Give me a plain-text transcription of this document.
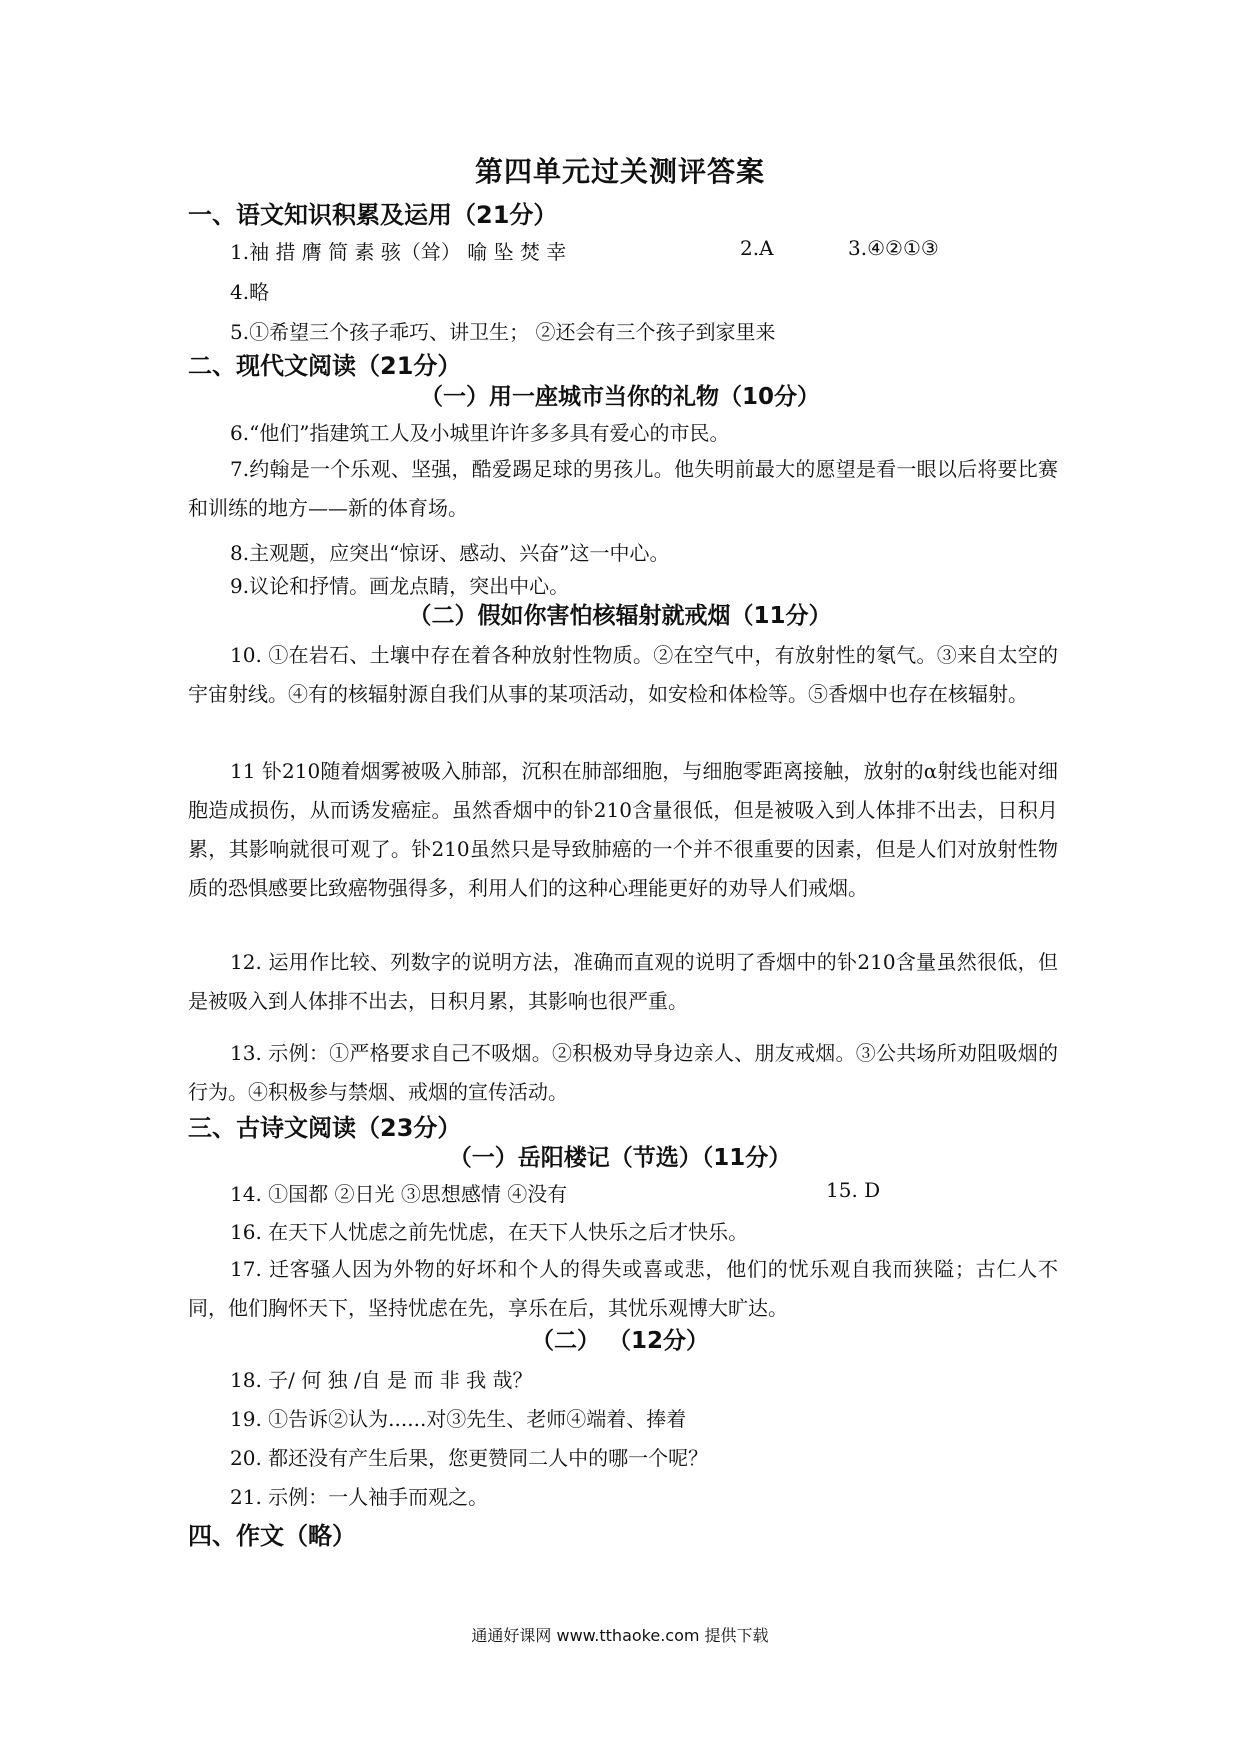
第四单元过关测评答案
一、语文知识积累及运用（21分）
1.袖 措 膺 简 素 骇（耸） 喻 坠 焚 幸	2.A	3.④②①③
4.略
5.①希望三个孩子乖巧、讲卫生； ②还会有三个孩子到家里来
二、现代文阅读（21分）
（一）用一座城市当你的礼物（10分）
6.“他们”指建筑工人及小城里许许多多具有爱心的市民。
7.约翰是一个乐观、坚强，酷爱踢足球的男孩儿。他失明前最大的愿望是看一眼以后将要比赛和训练的地方——新的体育场。
8.主观题，应突出“惊讶、感动、兴奋”这一中心。
9.议论和抒情。画龙点睛，突出中心。
（二）假如你害怕核辐射就戒烟（11分）
10. ①在岩石、土壤中存在着各种放射性物质。②在空气中，有放射性的氡气。③来自太空的宇宙射线。④有的核辐射源自我们从事的某项活动，如安检和体检等。⑤香烟中也存在核辐射。
11 钋210随着烟雾被吸入肺部，沉积在肺部细胞，与细胞零距离接触，放射的α射线也能对细胞造成损伤，从而诱发癌症。虽然香烟中的钋210含量很低，但是被吸入到人体排不出去，日积月累，其影响就很可观了。钋210虽然只是导致肺癌的一个并不很重要的因素，但是人们对放射性物质的恐惧感要比致癌物强得多，利用人们的这种心理能更好的劝导人们戒烟。
12. 运用作比较、列数字的说明方法，准确而直观的说明了香烟中的钋210含量虽然很低，但是被吸入到人体排不出去，日积月累，其影响也很严重。
13. 示例：①严格要求自己不吸烟。②积极劝导身边亲人、朋友戒烟。③公共场所劝阻吸烟的行为。④积极参与禁烟、戒烟的宣传活动。
三、古诗文阅读（23分）
（一）岳阳楼记（节选）（11分）
14. ①国都 ②日光 ③思想感情 ④没有	15. D
16. 在天下人忧虑之前先忧虑，在天下人快乐之后才快乐。
17. 迁客骚人因为外物的好坏和个人的得失或喜或悲，他们的忧乐观自我而狭隘；古仁人不同，他们胸怀天下，坚持忧虑在先，享乐在后，其忧乐观博大旷达。
（二） （12分）
18. 子/ 何 独 /自 是 而 非 我 哉？
19. ①告诉②认为......对③先生、老师④端着、捧着
20. 都还没有产生后果，您更赞同二人中的哪一个呢？
21. 示例：一人袖手而观之。
四、作文（略）
通通好课网 www.tthaoke.com 提供下载
